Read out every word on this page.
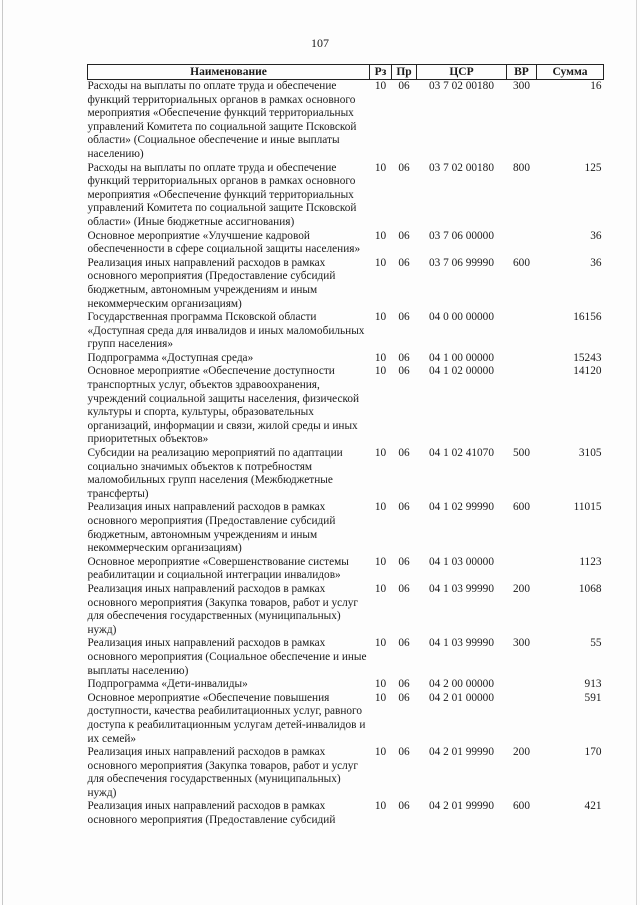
107
Наименование	Рз	Пр	ЦСР	ВР	Сумма
Расходы на выплаты по оплате труда и обеспечение функций территориальных органов в рамках основного мероприятия «Обеспечение функций территориальных управлений Комитета по социальной защите Псковской области» (Социальное обеспечение и иные выплаты населению)	10	06	03 7 02 00180	300	16
Расходы на выплаты по оплате труда и обеспечение функций территориальных органов в рамках основного мероприятия «Обеспечение функций территориальных управлений Комитета по социальной защите Псковской области» (Иные бюджетные ассигнования)	10	06	03 7 02 00180	800	125
Основное мероприятие «Улучшение кадровой обеспеченности в сфере социальной защиты населения»	10	06	03 7 06 00000		36
Реализация иных направлений расходов в рамках основного мероприятия (Предоставление субсидий бюджетным, автономным учреждениям и иным некоммерческим организациям)	10	06	03 7 06 99990	600	36
Государственная программа Псковской области «Доступная среда для инвалидов и иных маломобильных групп населения»	10	06	04 0 00 00000		16156
Подпрограмма «Доступная среда»	10	06	04 1 00 00000		15243
Основное мероприятие «Обеспечение доступности транспортных услуг, объектов здравоохранения, учреждений социальной защиты населения, физической культуры и спорта, культуры, образовательных организаций, информации и связи, жилой среды и иных приоритетных объектов»	10	06	04 1 02 00000		14120
Субсидии на реализацию мероприятий по адаптации социально значимых объектов к потребностям маломобильных групп населения (Межбюджетные трансферты)	10	06	04 1 02 41070	500	3105
Реализация иных направлений расходов в рамках основного мероприятия (Предоставление субсидий бюджетным, автономным учреждениям и иным некоммерческим организациям)	10	06	04 1 02 99990	600	11015
Основное мероприятие «Совершенствование системы реабилитации и социальной интеграции инвалидов»	10	06	04 1 03 00000		1123
Реализация иных направлений расходов в рамках основного мероприятия (Закупка товаров, работ и услуг для обеспечения государственных (муниципальных) нужд)	10	06	04 1 03 99990	200	1068
Реализация иных направлений расходов в рамках основного мероприятия (Социальное обеспечение и иные выплаты населению)	10	06	04 1 03 99990	300	55
Подпрограмма «Дети-инвалиды»	10	06	04 2 00 00000		913
Основное мероприятие «Обеспечение повышения доступности, качества реабилитационных услуг, равного доступа к реабилитационным услугам детей-инвалидов и их семей»	10	06	04 2 01 00000		591
Реализация иных направлений расходов в рамках основного мероприятия (Закупка товаров, работ и услуг для обеспечения государственных (муниципальных) нужд)	10	06	04 2 01 99990	200	170
Реализация иных направлений расходов в рамках основного мероприятия (Предоставление субсидий	10	06	04 2 01 99990	600	421
